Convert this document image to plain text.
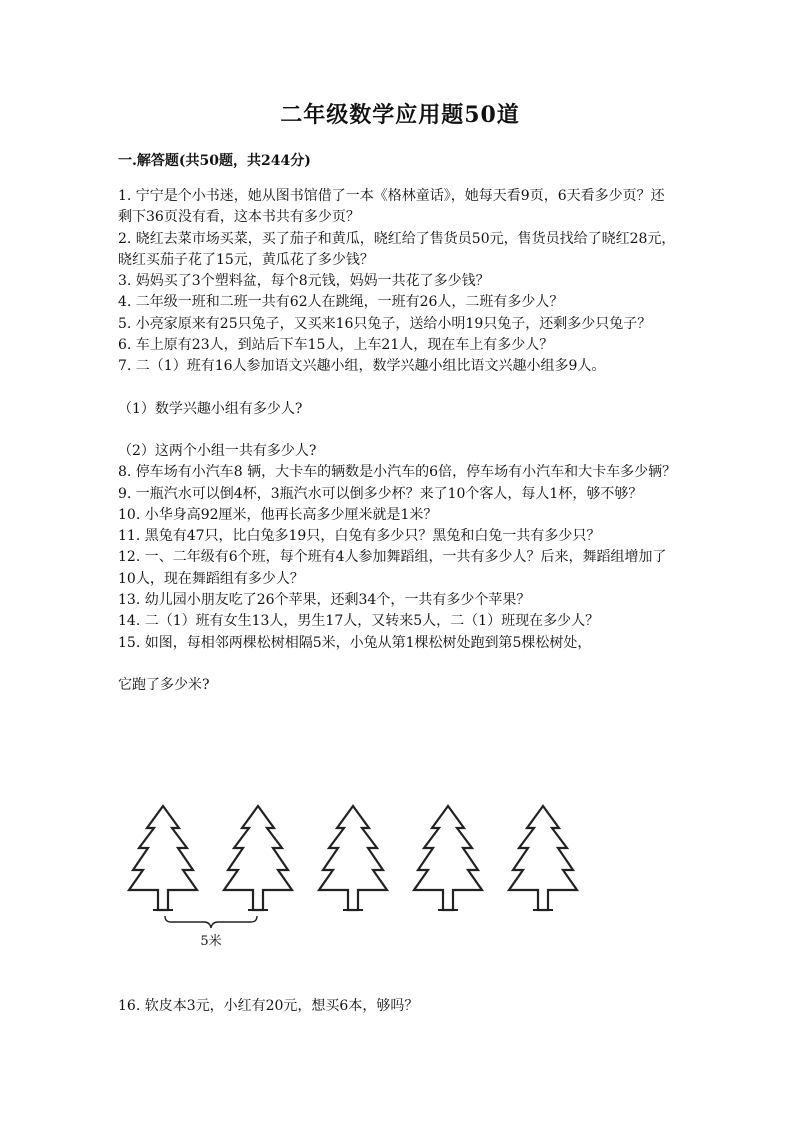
二年级数学应用题50道
一.解答题(共50题，共244分)

1. 宁宁是个小书迷，她从图书馆借了一本《格林童话》，她每天看9页，6天看多少页？还剩下36页没有看，这本书共有多少页？

2. 晓红去菜市场买菜，买了茄子和黄瓜，晓红给了售货员50元，售货员找给了晓红28元，晓红买茄子花了15元，黄瓜花了多少钱？

3. 妈妈买了3个塑料盆，每个8元钱，妈妈一共花了多少钱？

4. 二年级一班和二班一共有62人在跳绳，一班有26人，二班有多少人？

5. 小亮家原来有25只兔子，又买来16只兔子，送给小明19只兔子，还剩多少只兔子？

6. 车上原有23人，到站后下车15人，上车21人，现在车上有多少人？

7. 二（1）班有16人参加语文兴趣小组，数学兴趣小组比语文兴趣小组多9人。

（1）数学兴趣小组有多少人?

（2）这两个小组一共有多少人?

8. 停车场有小汽车8 辆，大卡车的辆数是小汽车的6倍，停车场有小汽车和大卡车多少辆？

9. 一瓶汽水可以倒4杯，3瓶汽水可以倒多少杯？来了10个客人，每人1杯，够不够？

10. 小华身高92厘米，他再长高多少厘米就是1米？

11. 黑兔有47只，比白兔多19只，白兔有多少只？黑兔和白兔一共有多少只？

12. 一、二年级有6个班，每个班有4人参加舞蹈组，一共有多少人？后来，舞蹈组增加了10人，现在舞蹈组有多少人？

13. 幼儿园小朋友吃了26个苹果，还剩34个，一共有多少个苹果？

14. 二（1）班有女生13人，男生17人，又转来5人，二（1）班现在多少人？

15. 如图，每相邻两棵松树相隔5米，小兔从第1棵松树处跑到第5棵松树处，

它跑了多少米?

5米
16. 软皮本3元，小红有20元，想买6本，够吗？
